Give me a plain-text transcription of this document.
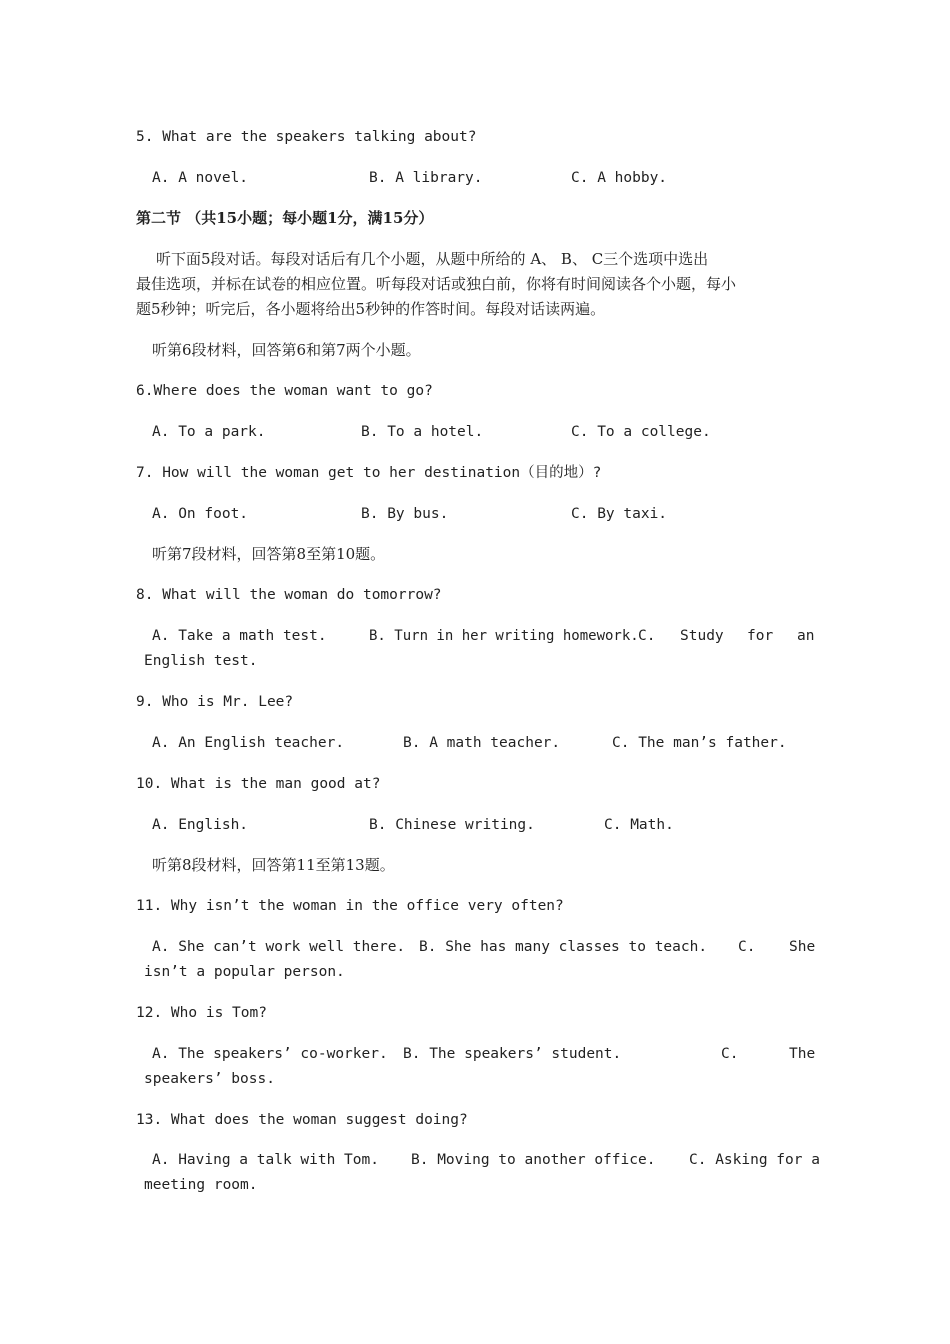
5. What are the speakers talking about?
A. A novel.	B. A library.	C. A hobby.
第二节 （共15小题；每小题1分，满15分）
听下面5段对话。每段对话后有几个小题，从题中所给的 A、 B、 C三个选项中选出
最佳选项，并标在试卷的相应位置。听每段对话或独白前，你将有时间阅读各个小题，每小
题5秒钟；听完后，各小题将给出5秒钟的作答时间。每段对话读两遍。
听第6段材料，回答第6和第7两个小题。
6.Where does the woman want to go?
A. To a park.	B. To a hotel.	C. To a college.
7. How will the woman get to her destination（目的地）?
A. On foot.	B. By bus.	C. By taxi.
听第7段材料，回答第8至第10题。
8. What will the woman do tomorrow?
A. Take a math test.	B. Turn in her writing homework. C. Study for an
English test.
9. Who is Mr. Lee?
A. An English teacher.	B. A math teacher.	C. The man’s father.
10. What is the man good at?
A. English.	B. Chinese writing.	C. Math.
听第8段材料，回答第11至第13题。
11. Why isn’t the woman in the office very often?
A. She can’t work well there. B. She has many classes to teach. C. She
isn’t a popular person.
12. Who is Tom?
A. The speakers’ co-worker. B. The speakers’ student.	C.	The
speakers’ boss.
13. What does the woman suggest doing?
A. Having a talk with Tom. B. Moving to another office. C. Asking for a
meeting room.
